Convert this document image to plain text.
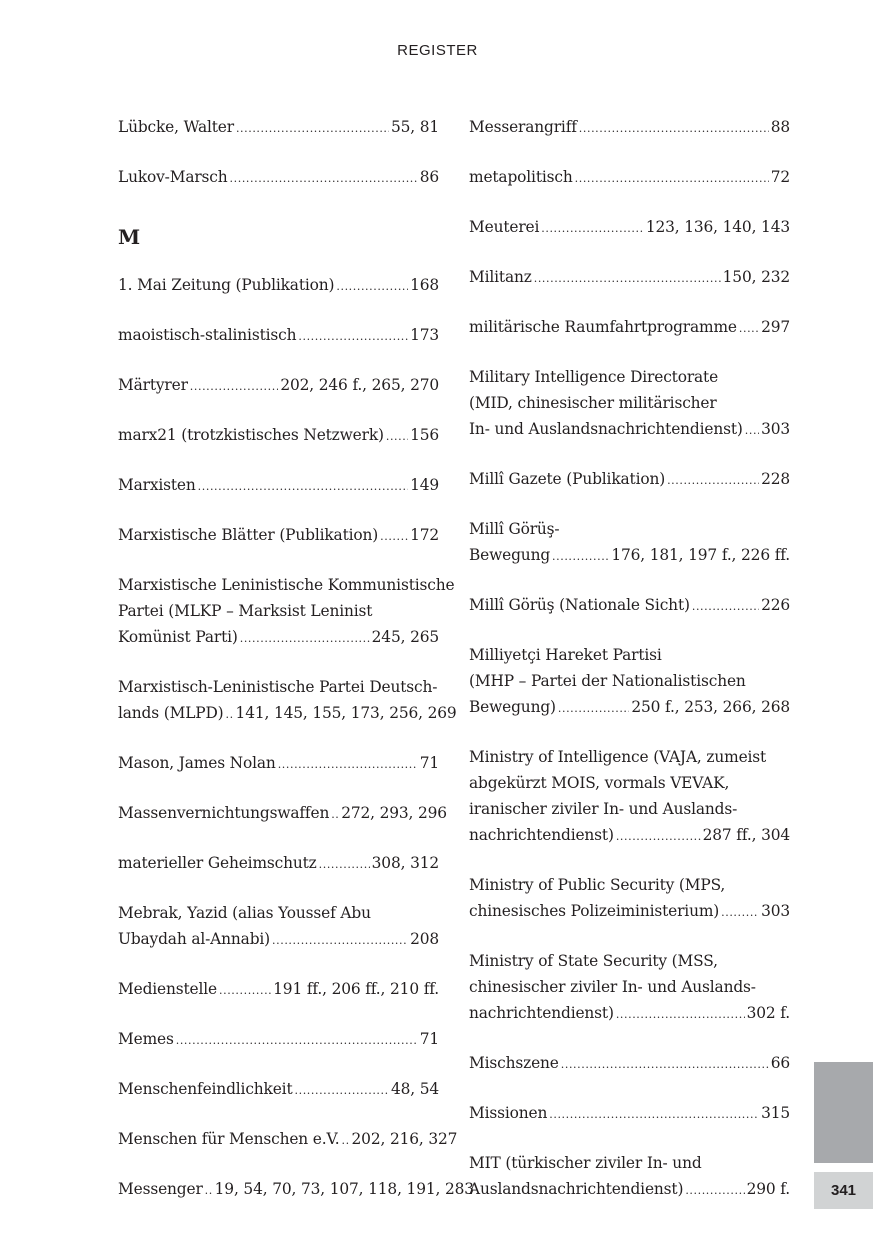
REGISTER
Lübcke, Walter .....	55, 81
Lukov-Marsch .....	86
M
1. Mai Zeitung (Publikation) .....	168
maoistisch-stalinistisch .....	173
Märtyrer .....	202, 246 f., 265, 270
marx21 (trotzkistisches Netzwerk) ..... 156
Marxisten .....	149
Marxistische Blätter (Publikation) ..... 172
Marxistische Leninistische Kommunistische
Partei (MLKP – Marksist Leninist
Komünist Parti) .....	245, 265
Marxistisch-Leninistische Partei Deutsch-
lands (MLPD) ..... 141, 145, 155, 173, 256, 269
Mason, James Nolan .....	71
Massenvernichtungswaffen ..... 272, 293, 296
materieller Geheimschutz .....	308, 312
Mebrak, Yazid (alias Youssef Abu
Ubaydah al-Annabi) .....	208
Medienstelle .....	191 ff., 206 ff., 210 ff.
Memes .....	71
Menschenfeindlichkeit .....	48, 54
Menschen für Menschen e.V. ..... 202, 216, 327
Messenger ..... 19, 54, 70, 73, 107, 118, 191, 283
Messerangriff .....	88
metapolitisch .....	72
Meuterei .....	123, 136, 140, 143
Militanz .....	150, 232
militärische Raumfahrtprogramme ..... 297
Military Intelligence Directorate
(MID, chinesischer militärischer
In- und Auslandsnachrichtendienst) ..... 303
Millî Gazete (Publikation) .....	228
Millî Görüş-
Bewegung .....	176, 181, 197 f., 226 ff.
Millî Görüş (Nationale Sicht) .....	226
Milliyetçi Hareket Partisi
(MHP – Partei der Nationalistischen
Bewegung) .....	250 f., 253, 266, 268
Ministry of Intelligence (VAJA, zumeist
abgekürzt MOIS, vormals VEVAK,
iranischer ziviler In- und Auslands-
nachrichtendienst) .....	287 ff., 304
Ministry of Public Security (MPS,
chinesisches Polizeiministerium) .....	303
Ministry of State Security (MSS,
chinesischer ziviler In- und Auslands-
nachrichtendienst) .....	302 f.
Mischszene .....	66
Missionen .....	315
MIT (türkischer ziviler In- und
Auslandsnachrichtendienst) .....	290 f.	341
